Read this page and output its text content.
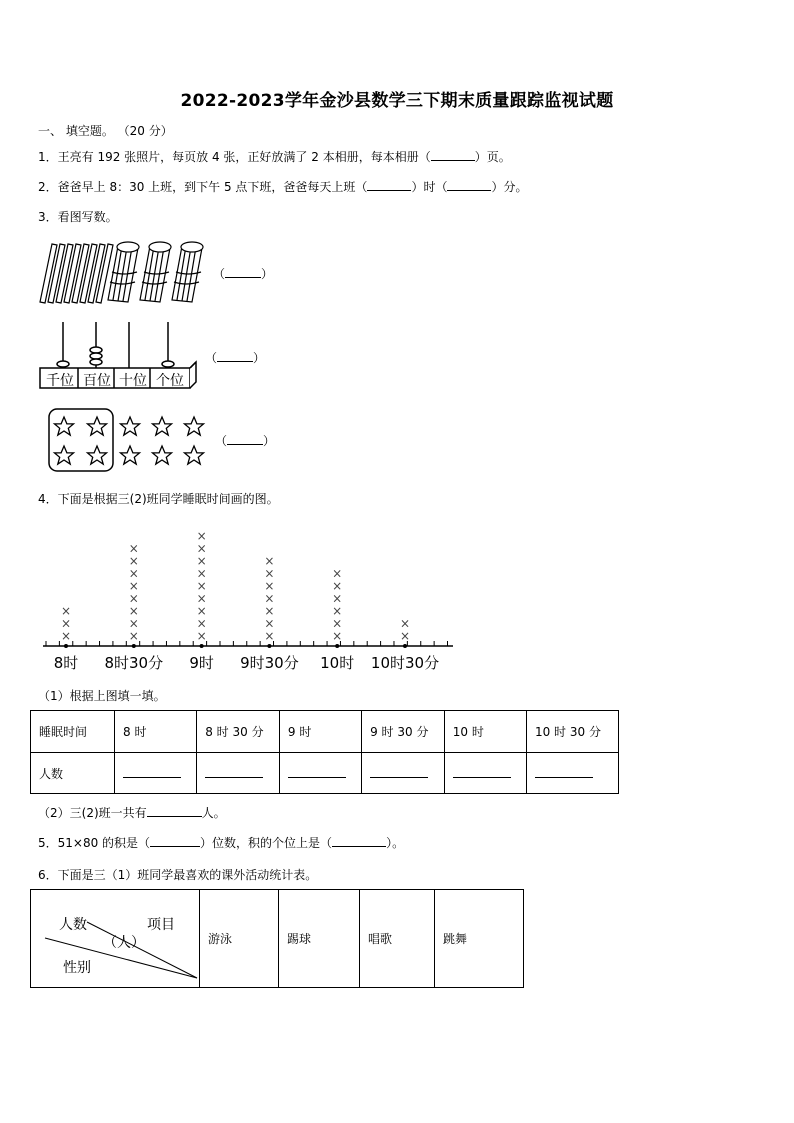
2022-2023学年金沙县数学三下期末质量跟踪监视试题
一、 填空题。 （20 分）
1．王亮有 192 张照片，每页放 4 张，正好放满了 2 本相册，每本相册（	）页。
2．爸爸早上 8：30 上班，到下午 5 点下班，爸爸每天上班（	）时（	）分。
3．看图写数。
（	）
千位 百位 十位 个位
（	）
（	）
4．下面是根据三(2)班同学睡眠时间画的图。
×
×
×
×
×
×
×
×
×
×
×
×
×
×
×
×
×
×
×
×
×
×
×
×
×
×
×
×
×
×
×
×
×
×
×
8时 8时30分 9时 9时30分 10时 10时30分
（1）根据上图填一填。
睡眠时间	8 时	8 时 30 分	9 时	9 时 30 分	10 时	10 时 30 分
人数						
（2）三(2)班一共有	人。
5．51×80 的积是（	）位数，积的个位上是（	）。
6．下面是三（1）班同学最喜欢的课外活动统计表。
项目
人数
（人）
性别
	游泳	踢球	唱歌	跳舞
